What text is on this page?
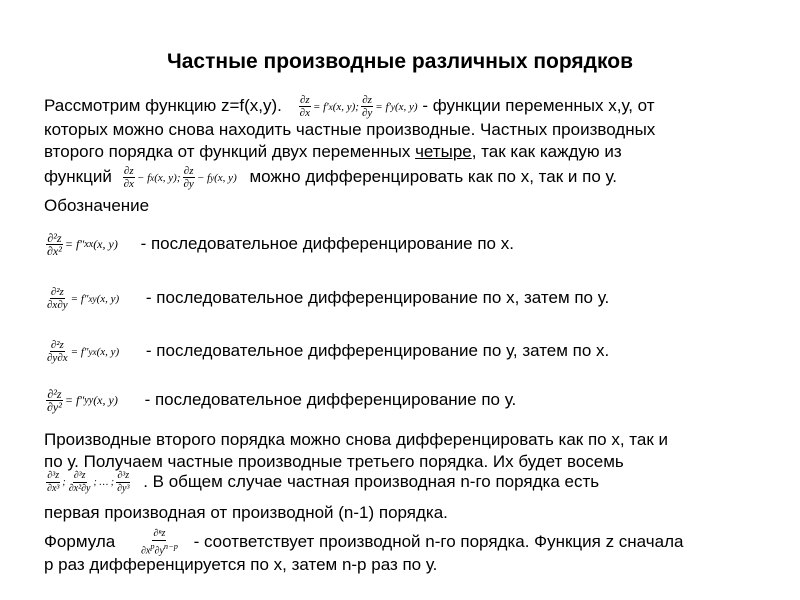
Частные производные различных порядков
Рассмотрим функцию z=f(x,y). $\frac{\partial z}{\partial x} = f'$ x (x, y); $\frac{\partial z}{\partial y} = f'$ y (x, y) - функции переменных х,у, от
которых можно снова находить частные производные. Частных производных
второго порядка от функций двух переменных четыре, так как каждую из
функций $\frac{\partial z}{\partial x} - f$ x (x, y); $\frac{\partial z}{\partial y} - f$ y (x, y) можно дифференцировать как по х, так и по у.
Обозначение
$\frac{\text{∂²z}}{\text{∂x²}} = f''$ xx (x, y) - последовательное дифференцирование по х.
$\frac{\text{∂²z}}{\partial x\partial y} = f''$ xy (x, y) - последовательное дифференцирование по х, затем по у.
$\frac{\text{∂²z}}{\partial y\partial x} = f''$ yx (x, y) - последовательное дифференцирование по у, затем по х.
$\frac{\text{∂²z}}{\text{∂y²}} = f''$ yy (x, y) - последовательное дифференцирование по у.
Производные второго порядка можно снова дифференцировать как по х, так и
по у. Получаем частные производные третьего порядка. Их будет восемь
$\frac{\text{∂³z}}{\text{∂x³}}$ ; $\frac{\text{∂³z}}{\text{∂x²∂y}}$ ; … ; $\frac{\text{∂³z}}{\text{∂y³}}$ . В общем случае частная производная n-го порядка есть
первая производная от производной (n-1) порядка.
Формула $\frac{\text{∂ⁿz}}{\partial x^p\partial y^{n-p}}$ - соответствует производной n-го порядка. Функция z сначала
р раз дифференцируется по х, затем n-p раз по у.
